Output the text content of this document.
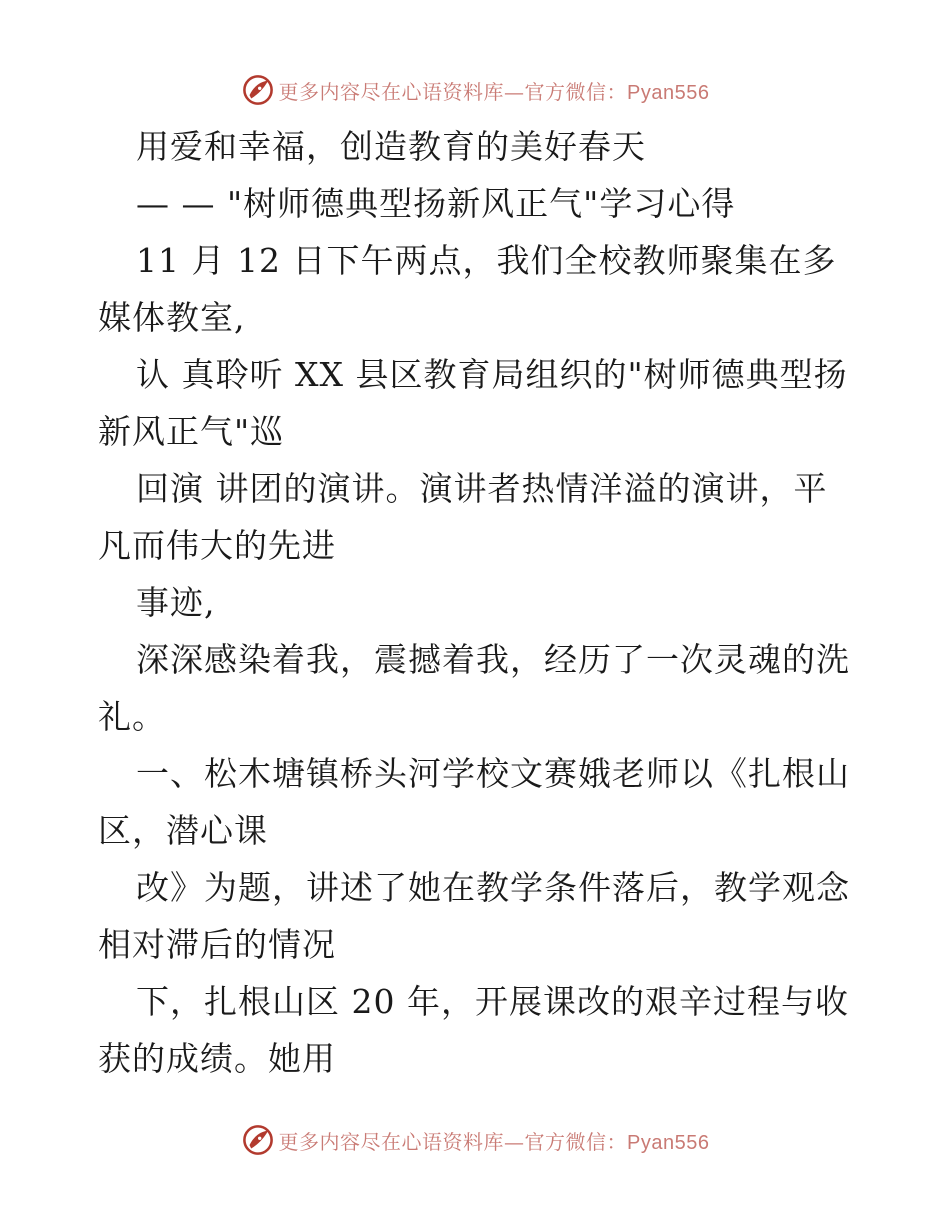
更多内容尽在心语资料库—官方微信：Pyan556
用爱和幸福，创造教育的美好春天
— — "树师德典型扬新风正气"学习心得
11 月 12 日下午两点，我们全校教师聚集在多
媒体教室,
认 真聆听 XX 县区教育局组织的"树师德典型扬
新风正气"巡
回演 讲团的演讲。演讲者热情洋溢的演讲，平
凡而伟大的先进
事迹,
深深感染着我，震撼着我，经历了一次灵魂的洗
礼。
一、松木塘镇桥头河学校文赛娥老师以《扎根山
区，潜心课
改》为题，讲述了她在教学条件落后，教学观念
相对滞后的情况
下，扎根山区 20 年，开展课改的艰辛过程与收
获的成绩。她用
更多内容尽在心语资料库—官方微信：Pyan556
